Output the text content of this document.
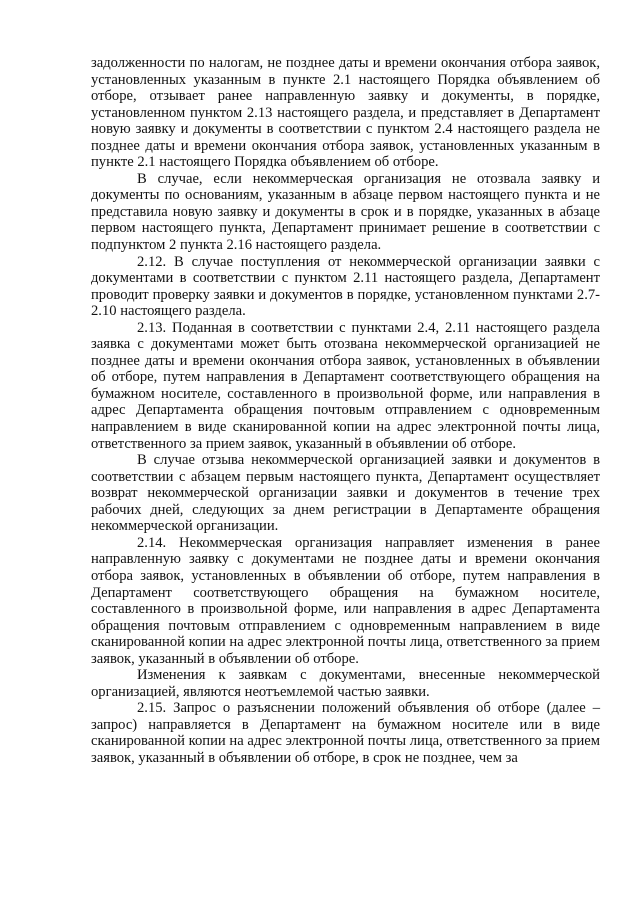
задолженности по налогам, не позднее даты и времени окончания отбора заявок, установленных указанным в пункте 2.1 настоящего Порядка объявлением об отборе, отзывает ранее направленную заявку и документы, в порядке, установленном пунктом 2.13 настоящего раздела, и представляет в Департамент новую заявку и документы в соответствии с пунктом 2.4 настоящего раздела не позднее даты и времени окончания отбора заявок, установленных указанным в пункте 2.1 настоящего Порядка объявлением об отборе.

В случае, если некоммерческая организация не отозвала заявку и документы по основаниям, указанным в абзаце первом настоящего пункта и не представила новую заявку и документы в срок и в порядке, указанных в абзаце первом настоящего пункта, Департамент принимает решение в соответствии с подпунктом 2 пункта 2.16 настоящего раздела.

2.12. В случае поступления от некоммерческой организации заявки с документами в соответствии с пунктом 2.11 настоящего раздела, Департамент проводит проверку заявки и документов в порядке, установленном пунктами 2.7-2.10 настоящего раздела.

2.13. Поданная в соответствии с пунктами 2.4, 2.11 настоящего раздела заявка с документами может быть отозвана некоммерческой организацией не позднее даты и времени окончания отбора заявок, установленных в объявлении об отборе, путем направления в Департамент соответствующего обращения на бумажном носителе, составленного в произвольной форме, или направления в адрес Департамента обращения почтовым отправлением с одновременным направлением в виде сканированной копии на адрес электронной почты лица, ответственного за прием заявок, указанный в объявлении об отборе.

В случае отзыва некоммерческой организацией заявки и документов в соответствии с абзацем первым настоящего пункта, Департамент осуществляет возврат некоммерческой организации заявки и документов в течение трех рабочих дней, следующих за днем регистрации в Департаменте обращения некоммерческой организации.

2.14. Некоммерческая организация направляет изменения в ранее направленную заявку с документами не позднее даты и времени окончания отбора заявок, установленных в объявлении об отборе, путем направления в Департамент соответствующего обращения на бумажном носителе, составленного в произвольной форме, или направления в адрес Департамента обращения почтовым отправлением с одновременным направлением в виде сканированной копии на адрес электронной почты лица, ответственного за прием заявок, указанный в объявлении об отборе.

Изменения к заявкам с документами, внесенные некоммерческой организацией, являются неотъемлемой частью заявки.

2.15. Запрос о разъяснении положений объявления об отборе (далее – запрос) направляется в Департамент на бумажном носителе или в виде сканированной копии на адрес электронной почты лица, ответственного за прием заявок, указанный в объявлении об отборе, в срок не позднее, чем за
